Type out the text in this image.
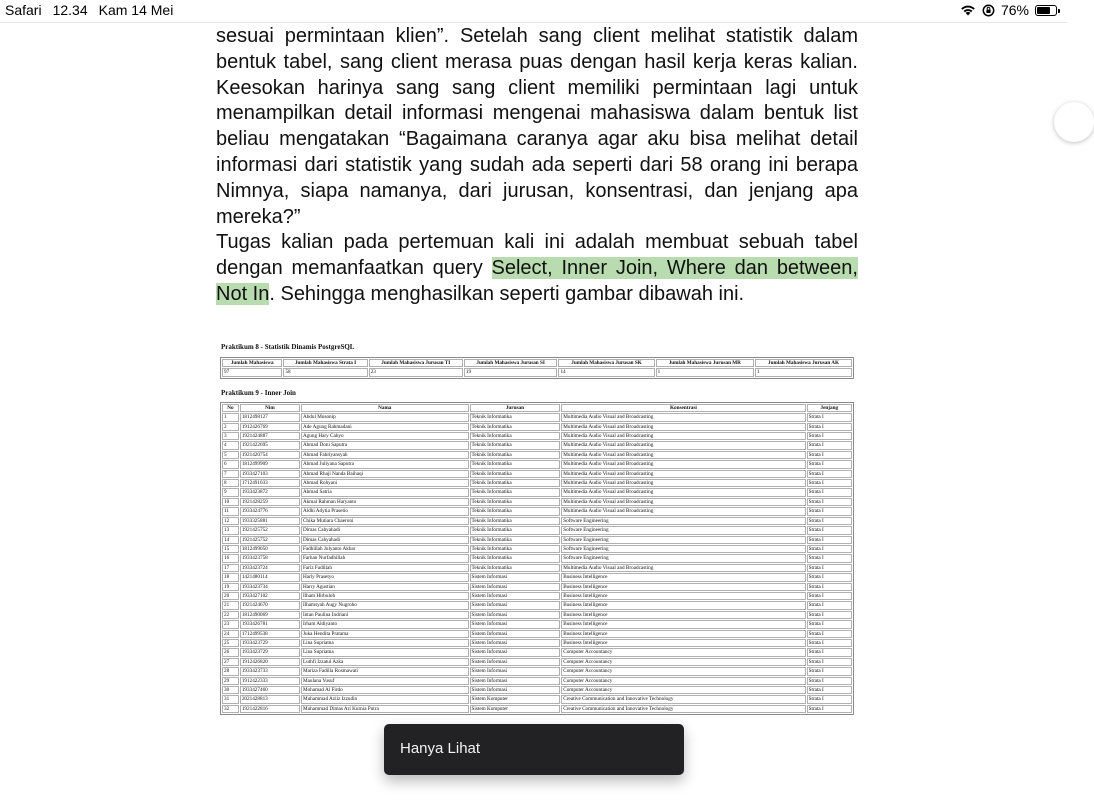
Safari 12.34 Kam 14 Mei	76%
sesuai permintaan klien”. Setelah sang client melihat statistik dalam bentuk tabel, sang client merasa puas dengan hasil kerja keras kalian. Keesokan harinya sang sang client memiliki permintaan lagi untuk menampilkan detail informasi mengenai mahasiswa dalam bentuk list beliau mengatakan “Bagaimana caranya agar aku bisa melihat detail informasi dari statistik yang sudah ada seperti dari 58 orang ini berapa Nimnya, siapa namanya, dari jurusan, konsentrasi, dan jenjang apa mereka?”
Tugas kalian pada pertemuan kali ini adalah membuat sebuah tabel dengan memanfaatkan query Select, Inner Join, Where dan between, Not In. Sehingga menghasilkan seperti gambar dibawah ini.
Praktikum 8 - Statistik Dinamis PostgreSQL
Jumlah Mahasiswa	Jumlah Mahasiswa Strata I	Jumlah Mahasiswa Jurusan TI	Jumlah Mahasiswa Jurusan SI	Jumlah Mahasiswa Jurusan SK	Jumlah Mahasiswa Jurusan MR	Jumlah Mahasiswa Jurusan AK
97	58	23	19	14	1	1
Praktikum 9 - Inner Join
No	Nim	Nama	Jurusan	Konsentrasi	Jenjang
1	1812498127	Abdul Musonip	Teknik Informatika	Multimedia Audio Visual and Broadcasting	Strata I
2	1912426769	Ade Agung Rahmadani	Teknik Informatika	Multimedia Audio Visual and Broadcasting	Strata I
3	1921424887	Agung Hary Cahyo	Teknik Informatika	Multimedia Audio Visual and Broadcasting	Strata I
4	1921422695	Ahmad Doni Saputra	Teknik Informatika	Multimedia Audio Visual and Broadcasting	Strata I
5	1921420754	Ahmad Fahriyansyah	Teknik Informatika	Multimedia Audio Visual and Broadcasting	Strata I
6	1812499909	Ahmad Juliyana Saputra	Teknik Informatika	Multimedia Audio Visual and Broadcasting	Strata I
7	1933427103	Ahmad Rhaji Nanda Baihaqi	Teknik Informatika	Multimedia Audio Visual and Broadcasting	Strata I
8	1712491033	Ahmad Rohyani	Teknik Informatika	Multimedia Audio Visual and Broadcasting	Strata I
9	1933423872	Ahmad Satria	Teknik Informatika	Multimedia Audio Visual and Broadcasting	Strata I
10	1921428259	Akmal Rahman Haryanto	Teknik Informatika	Multimedia Audio Visual and Broadcasting	Strata I
11	1933424776	Aldhi Adytia Prasetio	Teknik Informatika	Multimedia Audio Visual and Broadcasting	Strata I
12	1933325881	Chika Mutiara Chaeroni	Teknik Informatika	Software Engineering	Strata I
13	1921425752	Dimas Cahyahadi	Teknik Informatika	Software Engineering	Strata I
14	1921425752	Dimas Cahyahadi	Teknik Informatika	Software Engineering	Strata I
15	1812499050	Fadhillah Julyanto Akbar	Teknik Informatika	Software Engineering	Strata I
16	1933423758	Farhan Nurfadhillah	Teknik Informatika	Software Engineering	Strata I
17	1933423724	Fariz Fadillah	Teknik Informatika	Multimedia Audio Visual and Broadcasting	Strata I
18	1421480114	Harly Prasetyo	Sistem Informasi	Business Intelligence	Strata I
19	1933423734	Harry Agustian	Sistem Informasi	Business Intelligence	Strata I
20	1933427102	Ilham Hirbuloh	Sistem Informasi	Business Intelligence	Strata I
21	1921424670	Ilhamsyah Augy Nugroho	Sistem Informasi	Business Intelligence	Strata I
22	1812490069	Intan Paulina Indriani	Sistem Informasi	Business Intelligence	Strata I
23	1933426781	Irham Aldiyanto	Sistem Informasi	Business Intelligence	Strata I
24	1712499538	Juka Hendita Pratama	Sistem Informasi	Business Intelligence	Strata I
25	1933423729	Lina Supriatna	Sistem Informasi	Business Intelligence	Strata I
26	1933423729	Lina Supriatna	Sistem Informasi	Computer Accountancy	Strata I
27	1912426820	Luthfi Izzatul Azka	Sistem Informasi	Computer Accountancy	Strata I
28	1933423733	Mariza Fadilla Rosmawati	Sistem Informasi	Computer Accountancy	Strata I
29	1912422333	Maulana Yusuf	Sistem Informasi	Computer Accountancy	Strata I
30	1933427460	Mohamad Al Firdo	Sistem Informasi	Computer Accountancy	Strata I
31	2021428813	Muhammad Aziiz Izzudin	Sistem Komputer	Creative Communication and Innovative Technology	Strata I
32	1921422816	Muhammad Dimas Ari Kurnia Putra	Sistem Komputer	Creative Communication and Innovative Technology	Strata I
Hanya Lihat
